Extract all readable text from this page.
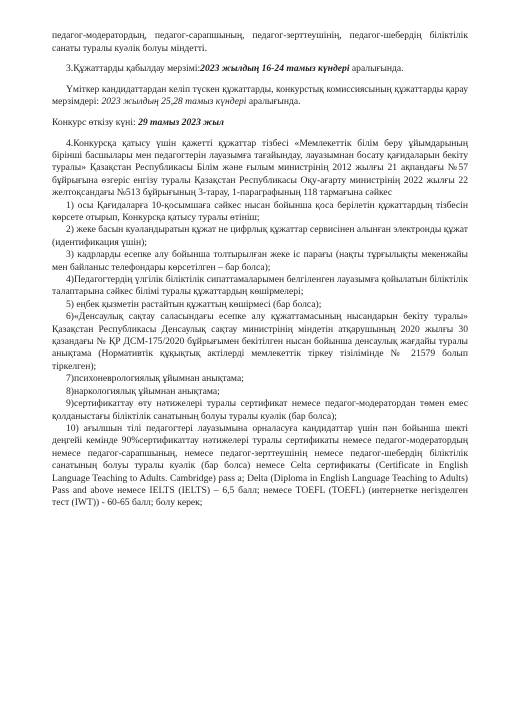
педагог-модератордың, педагог-сарапшының, педагог-зерттеушінің, педагог-шебердің біліктілік санаты туралы куәлік болуы міндетті.

3.Құжаттарды қабылдау мерзімі:2023 жылдың 16-24 тамыз күндері аралығында.

Үміткер кандидаттардан келіп түскен құжаттарды, конкурстық комиссиясының құжаттарды қарау мерзімдері: 2023 жылдың 25,28 тамыз күндері аралығында.

Конкурс өткізу күні: 29 тамыз 2023 жыл

4.Конкурсқа қатысу үшін қажетті құжаттар тізбесі «Мемлекеттік білім беру ұйымдарының бірінші басшылары мен педагогтерін лауазымға тағайындау, лауазымнан босату қағидаларын бекіту туралы» Қазақстан Республикасы Білім және ғылым министрінің 2012 жылғы 21 ақпандағы №57 бұйрығына өзгеріс енгізу туралы Қазақстан Республикасы Оқу-ағарту министрінің 2022 жылғы 22 желтоқсандағы №513 бұйрығының 3-тарау, 1-параграфының 118 тармағына сәйкес

1) осы Қағидаларға 10-қосымшаға сәйкес нысан бойынша қоса берілетін құжаттардың тізбесін көрсете отырып, Конкурсқа қатысу туралы өтініш;

2) жеке басын куәландыратын құжат не цифрлық құжаттар сервисінен алынған электронды құжат (идентификация үшін);

3) кадрларды есепке алу бойынша толтырылған жеке іс парағы (нақты тұрғылықты мекенжайы мен байланыс телефондары көрсетілген – бар болса);

4)Педагогтердің үлгілік біліктілік сипаттамаларымен белгіленген лауазымға қойылатын біліктілік талаптарына сәйкес білімі туралы құжаттардың көшірмелері;

5) еңбек қызметін растайтын құжаттың көшірмесі (бар болса);

6)«Денсаулық сақтау саласындағы есепке алу құжаттамасының нысандарын бекіту туралы» Қазақстан Республикасы Денсаулық сақтау министрінің міндетін атқарушының 2020 жылғы 30 қазандағы № ҚР ДСМ-175/2020 бұйрығымен бекітілген нысан бойынша денсаулық жағдайы туралы анықтама (Нормативтік құқықтық актілерді мемлекеттік тіркеу тізілімінде № 21579 болып тіркелген);

7)психоневрологиялық ұйымнан анықтама;

8)наркологиялық ұйымнан анықтама;

9)сертификаттау өту нәтижелері туралы сертификат немесе педагог-модератордан төмен емес қолданыстағы біліктілік санатының болуы туралы куәлік (бар болса);

10) ағылшын тілі педагогтері лауазымына орналасуға кандидаттар үшін пән бойынша шекті деңгейі кемінде 90%сертификаттау нәтижелері туралы сертификаты немесе педагог-модератордың немесе педагог-сарапшының, немесе педагог-зерттеушінің немесе педагог-шебердің біліктілік санатының болуы туралы куәлік (бар болса) немесе Celta сертификаты (Certificate in English Language Teaching to Adults. Cambridge) pass а; Delta (Diploma in English Language Teaching to Adults) Pass and above немесе IELTS (IELTS) – 6,5 балл; немесе TOEFL (TOEFL) (интернетке негізделген тест (IWT)) - 60-65 балл; болу керек;
